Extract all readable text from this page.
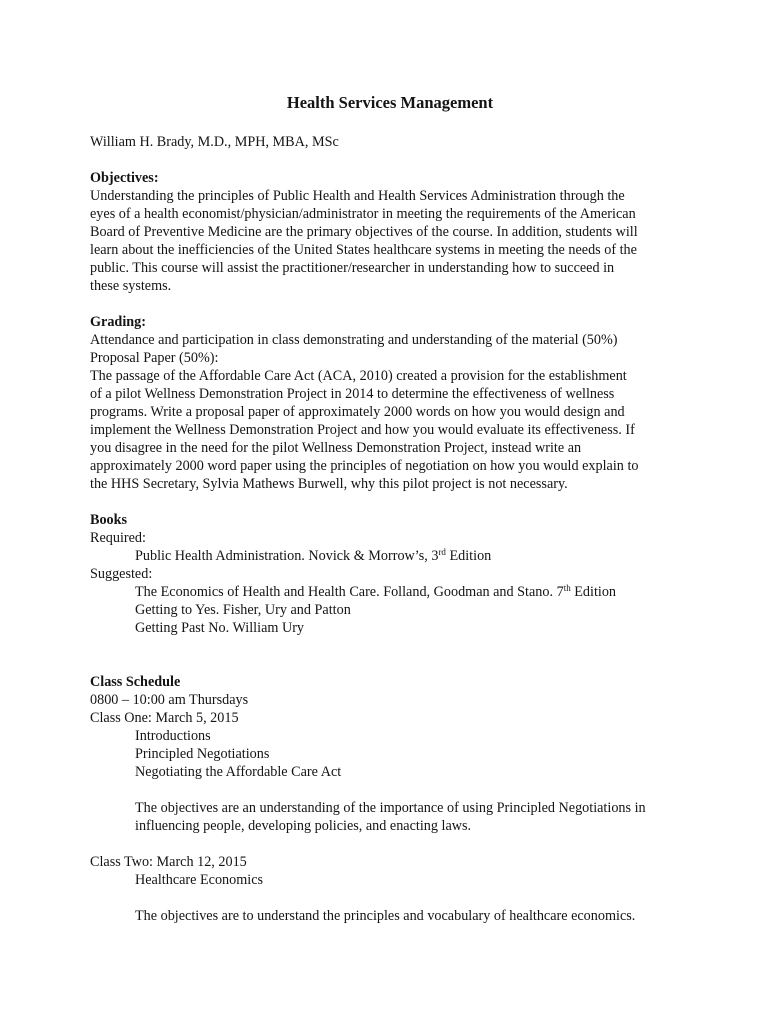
Health Services Management
William H. Brady, M.D., MPH, MBA, MSc
Objectives:
Understanding the principles of Public Health and Health Services Administration through the
eyes of a health economist/physician/administrator in meeting the requirements of the American
Board of Preventive Medicine are the primary objectives of the course. In addition, students will
learn about the inefficiencies of the United States healthcare systems in meeting the needs of the
public. This course will assist the practitioner/researcher in understanding how to succeed in
these systems.
Grading:
Attendance and participation in class demonstrating and understanding of the material (50%)
Proposal Paper (50%):
The passage of the Affordable Care Act (ACA, 2010) created a provision for the establishment
of a pilot Wellness Demonstration Project in 2014 to determine the effectiveness of wellness
programs. Write a proposal paper of approximately 2000 words on how you would design and
implement the Wellness Demonstration Project and how you would evaluate its effectiveness. If
you disagree in the need for the pilot Wellness Demonstration Project, instead write an
approximately 2000 word paper using the principles of negotiation on how you would explain to
the HHS Secretary, Sylvia Mathews Burwell, why this pilot project is not necessary.
Books
Required:
Public Health Administration. Novick & Morrow’s, 3rd Edition
Suggested:
The Economics of Health and Health Care. Folland, Goodman and Stano. 7th Edition
Getting to Yes. Fisher, Ury and Patton
Getting Past No. William Ury
Class Schedule
0800 – 10:00 am Thursdays
Class One: March 5, 2015
Introductions
Principled Negotiations
Negotiating the Affordable Care Act
The objectives are an understanding of the importance of using Principled Negotiations in
influencing people, developing policies, and enacting laws.
Class Two: March 12, 2015
Healthcare Economics
The objectives are to understand the principles and vocabulary of healthcare economics.
